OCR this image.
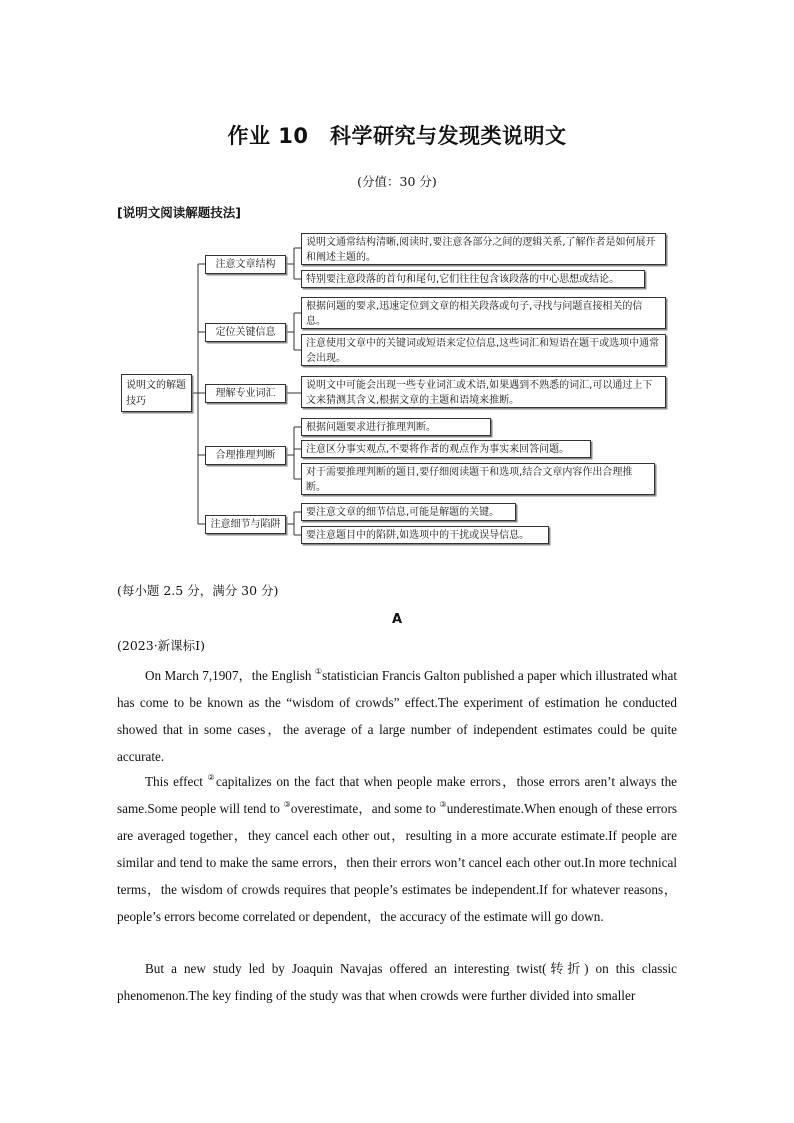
作业 10　科学研究与发现类说明文
(分值：30 分)
[说明文阅读解题技法]
说明文的解题技巧
注意文章结构
定位关键信息
理解专业词汇
合理推理判断
注意细节与陷阱
说明文通常结构清晰,阅读时,要注意各部分之间的逻辑关系,了解作者是如何展开和阐述主题的。
特别要注意段落的首句和尾句,它们往往包含该段落的中心思想或结论。
根据问题的要求,迅速定位到文章的相关段落或句子,寻找与问题直接相关的信息。
注意使用文章中的关键词或短语来定位信息,这些词汇和短语在题干或选项中通常会出现。
说明文中可能会出现一些专业词汇或术语,如果遇到不熟悉的词汇,可以通过上下文来猜测其含义,根据文章的主题和语境来推断。
根据问题要求进行推理判断。
注意区分事实观点,不要将作者的观点作为事实来回答问题。
对于需要推理判断的题目,要仔细阅读题干和选项,结合文章内容作出合理推断。
要注意文章的细节信息,可能是解题的关键。
要注意题目中的陷阱,如选项中的干扰或误导信息。
(每小题 2.5 分，满分 30 分)
A
(2023·新课标Ⅰ)
On March 7,1907，the English ①statistician Francis Galton published a paper which illustrated what has come to be known as the “wisdom of crowds” effect.The experiment of estimation he conducted showed that in some cases，the average of a large number of independent estimates could be quite accurate.
This effect ②capitalizes on the fact that when people make errors，those errors aren’t always the same.Some people will tend to ③overestimate，and some to ③underestimate.When enough of these errors are averaged together，they cancel each other out，resulting in a more accurate estimate.If people are similar and tend to make the same errors，then their errors won’t cancel each other out.In more technical terms，the wisdom of crowds requires that people’s estimates be independent.If for whatever reasons，people’s errors become correlated or dependent，the accuracy of the estimate will go down.
But a new study led by Joaquin Navajas offered an interesting twist(转折) on this classic phenomenon.The key finding of the study was that when crowds were further divided into smaller
